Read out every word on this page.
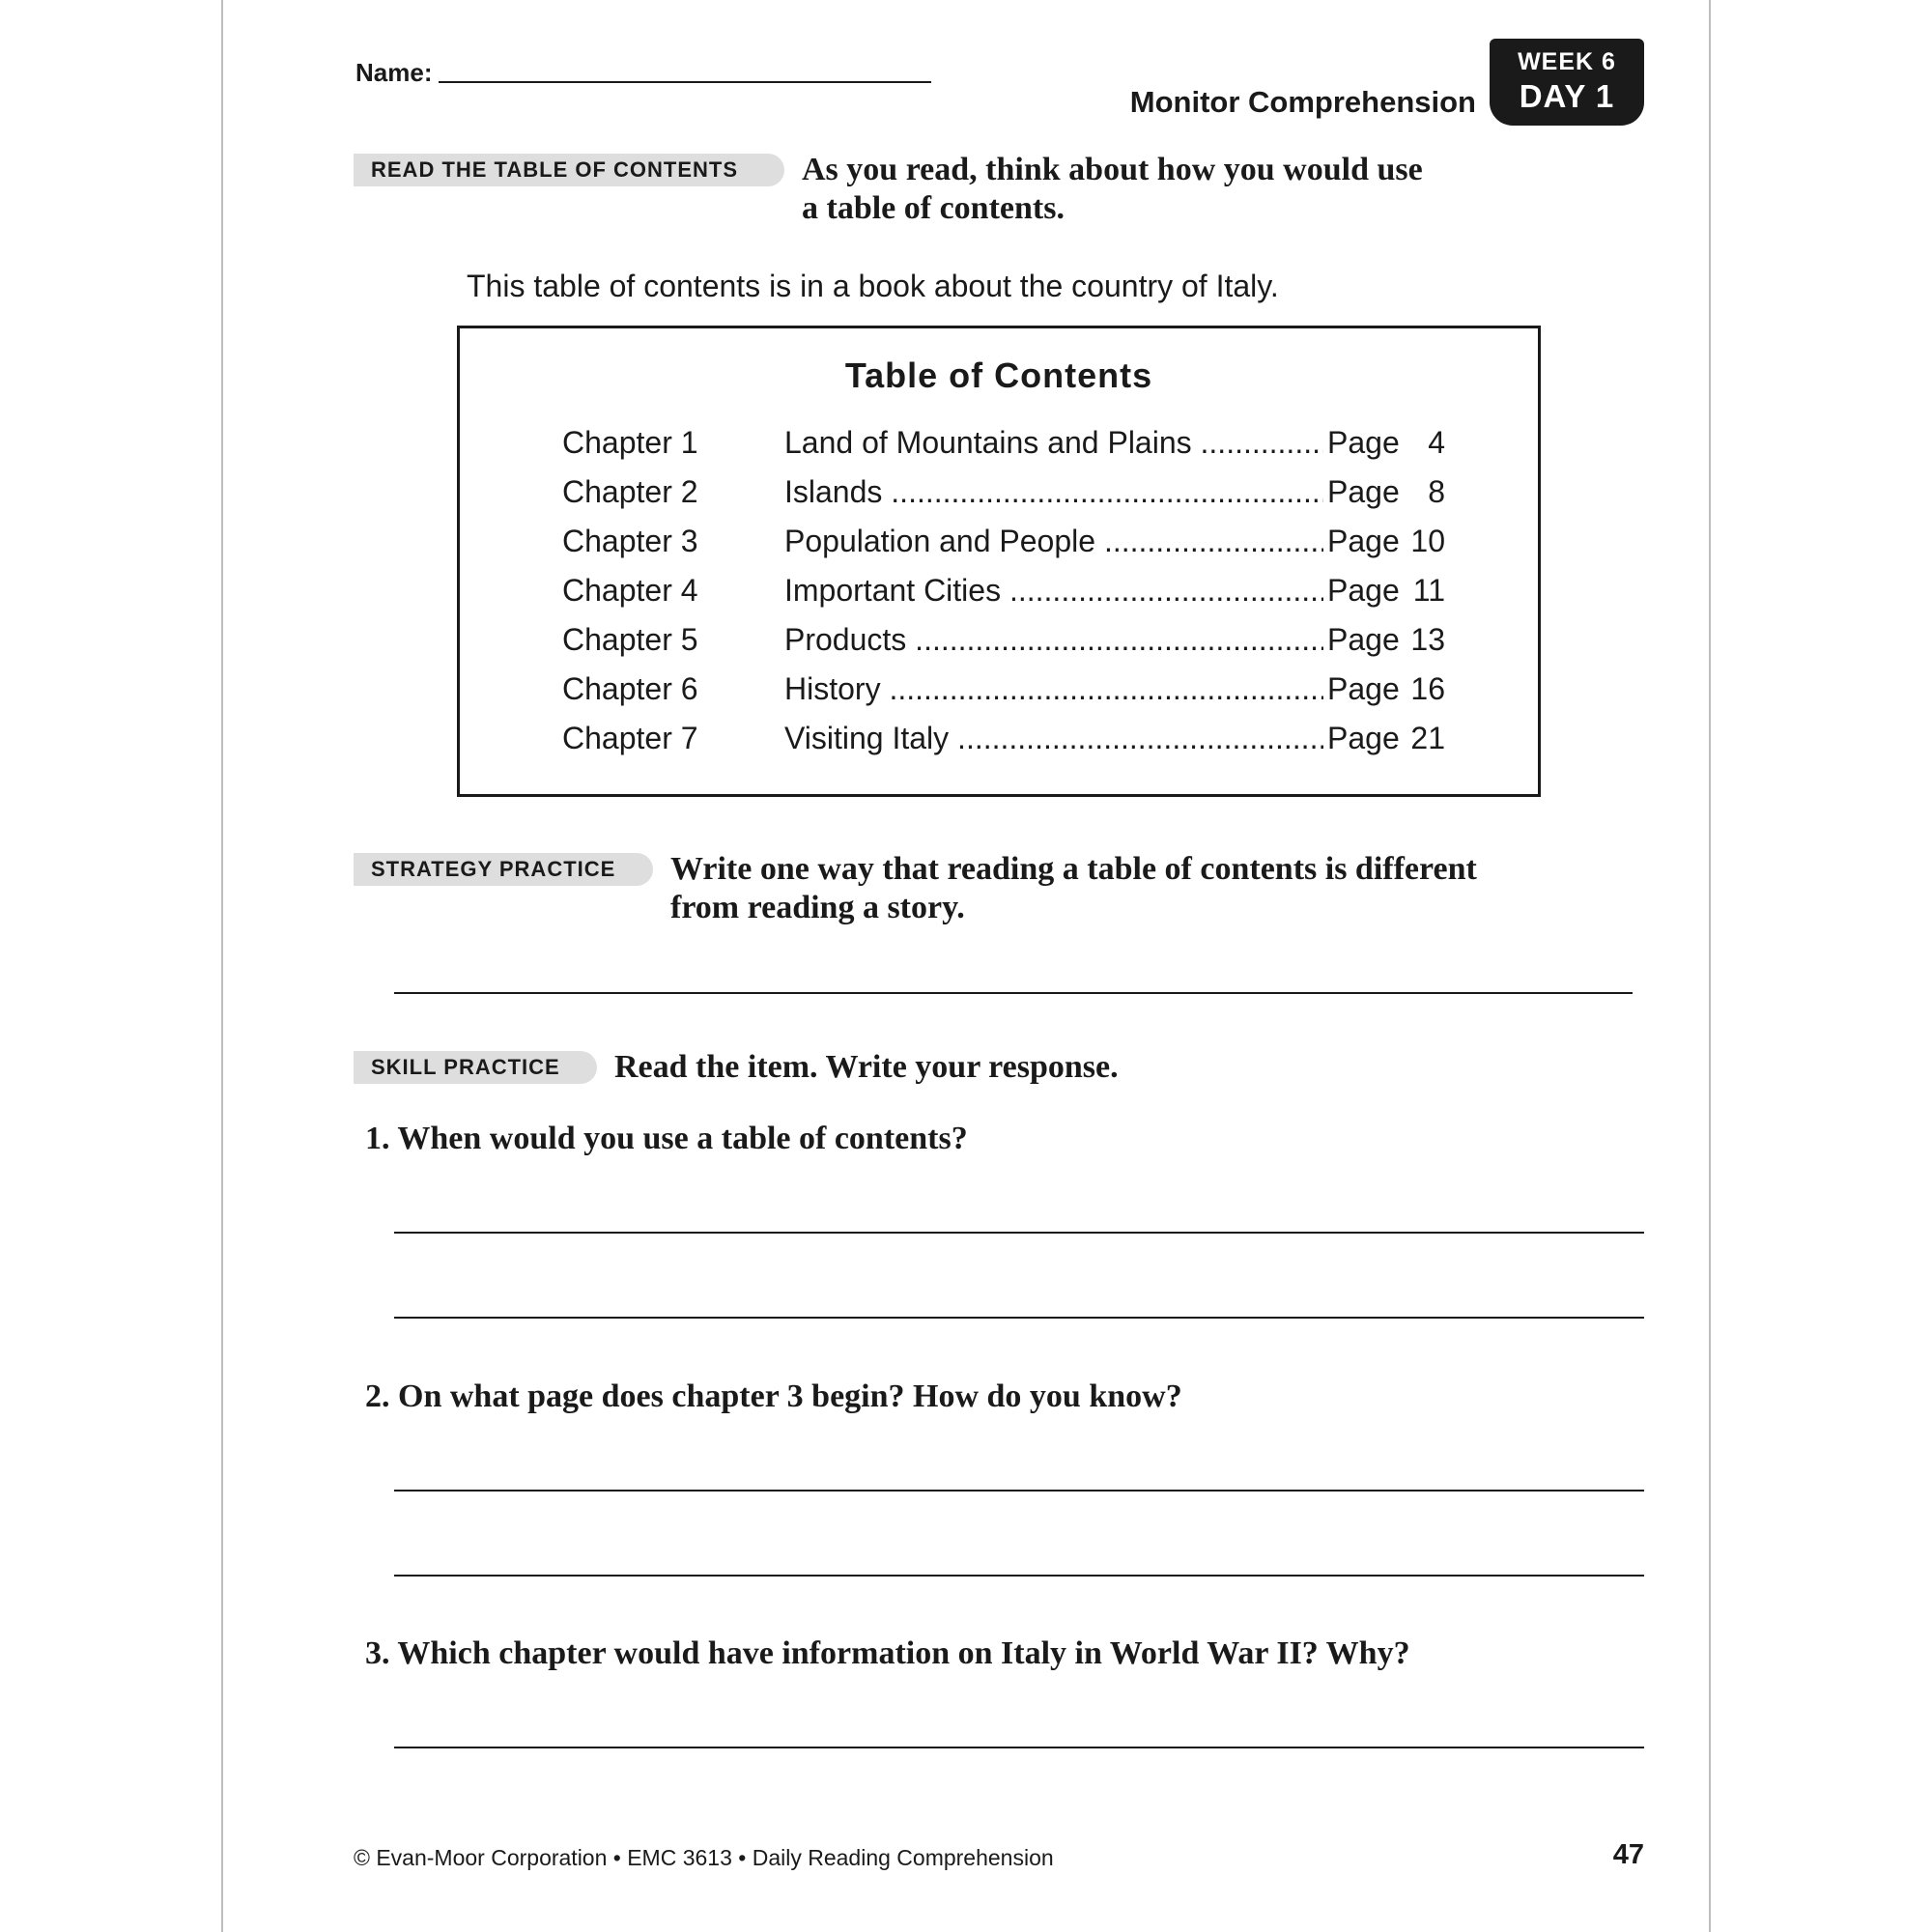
Name:
Monitor Comprehension
WEEK 6
DAY 1
READ THE TABLE OF CONTENTS	As you read, think about how you would use
a table of contents.
This table of contents is in a book about the country of Italy.
Table of Contents
Chapter 1	Land of Mountains and Plains .....	Page 4
Chapter 2	Islands .....	Page 8
Chapter 3	Population and People .....	Page 10
Chapter 4	Important Cities .....	Page 11
Chapter 5	Products .....	Page 13
Chapter 6	History .....	Page 16
Chapter 7	Visiting Italy .....	Page 21
STRATEGY PRACTICE	Write one way that reading a table of contents is different
from reading a story.
SKILL PRACTICE	Read the item. Write your response.
1. When would you use a table of contents?
2. On what page does chapter 3 begin? How do you know?
3. Which chapter would have information on Italy in World War II? Why?
© Evan-Moor Corporation • EMC 3613 • Daily Reading Comprehension	47
